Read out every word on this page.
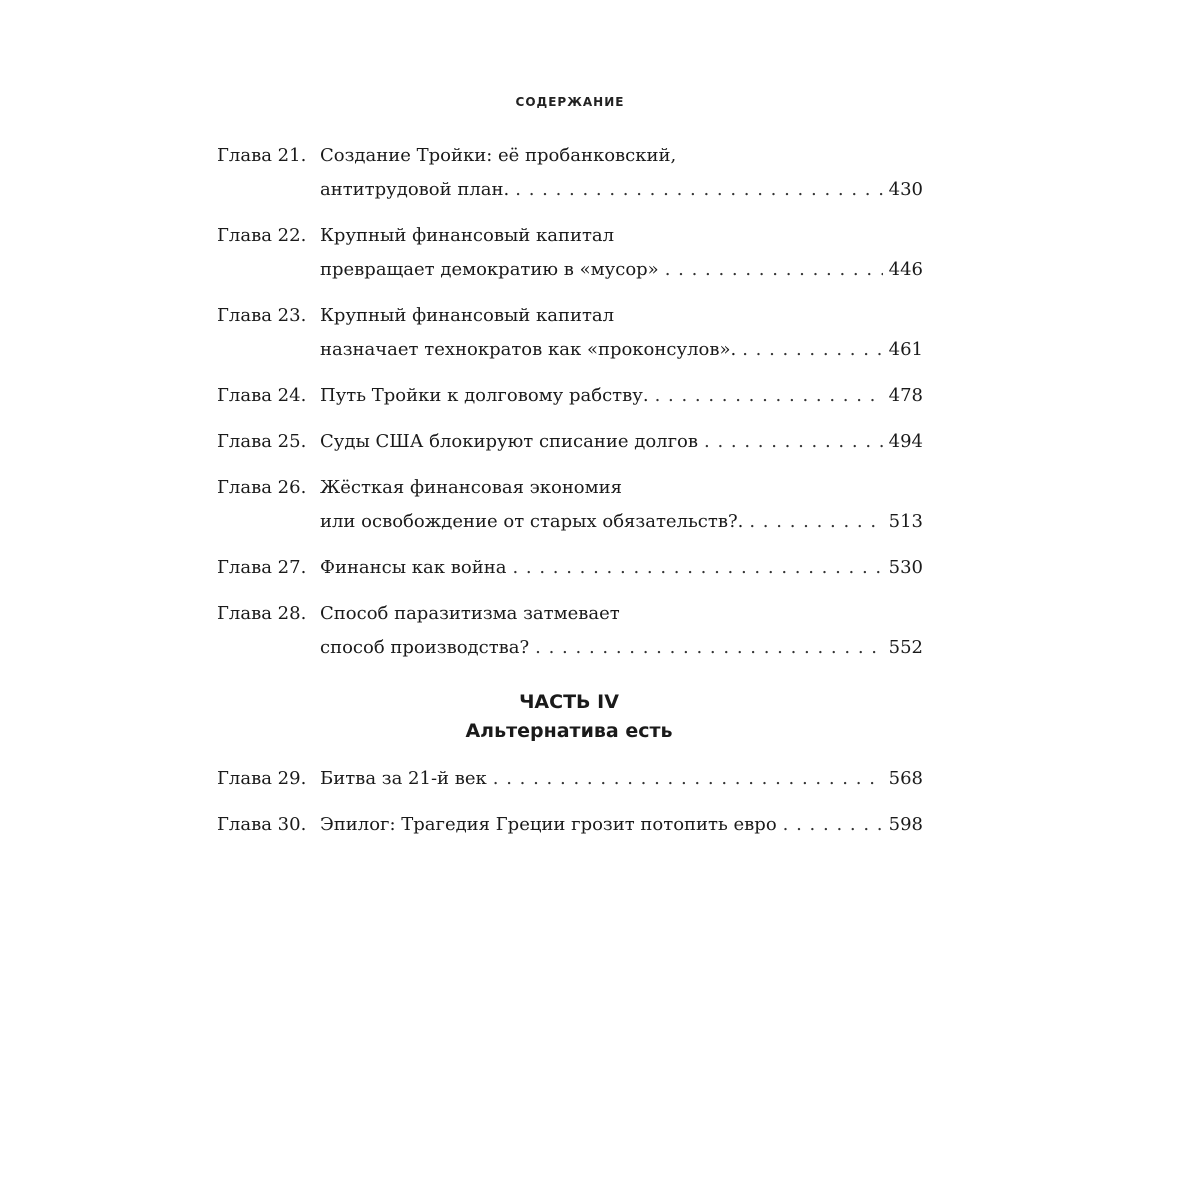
СОДЕРЖАНИЕ
Глава 21. Создание Тройки: её пробанковский,
антитрудовой план. . . .	430
Глава 22. Крупный финансовый капитал
превращает демократию в «мусор» . . .	446
Глава 23. Крупный финансовый капитал
назначает технократов как «проконсулов». . . .	461
Глава 24. Путь Тройки к долговому рабству. . . .	478
Глава 25. Суды США блокируют списание долгов . . .	494
Глава 26. Жёсткая финансовая экономия
или освобождение от старых обязательств?. . . .	513
Глава 27. Финансы как война . . .	530
Глава 28. Способ паразитизма затмевает
способ производства? . . .	552
ЧАСТЬ IV
Альтернатива есть
Глава 29. Битва за 21-й век . . .	568
Глава 30. Эпилог: Трагедия Греции грозит потопить евро . . .	598
